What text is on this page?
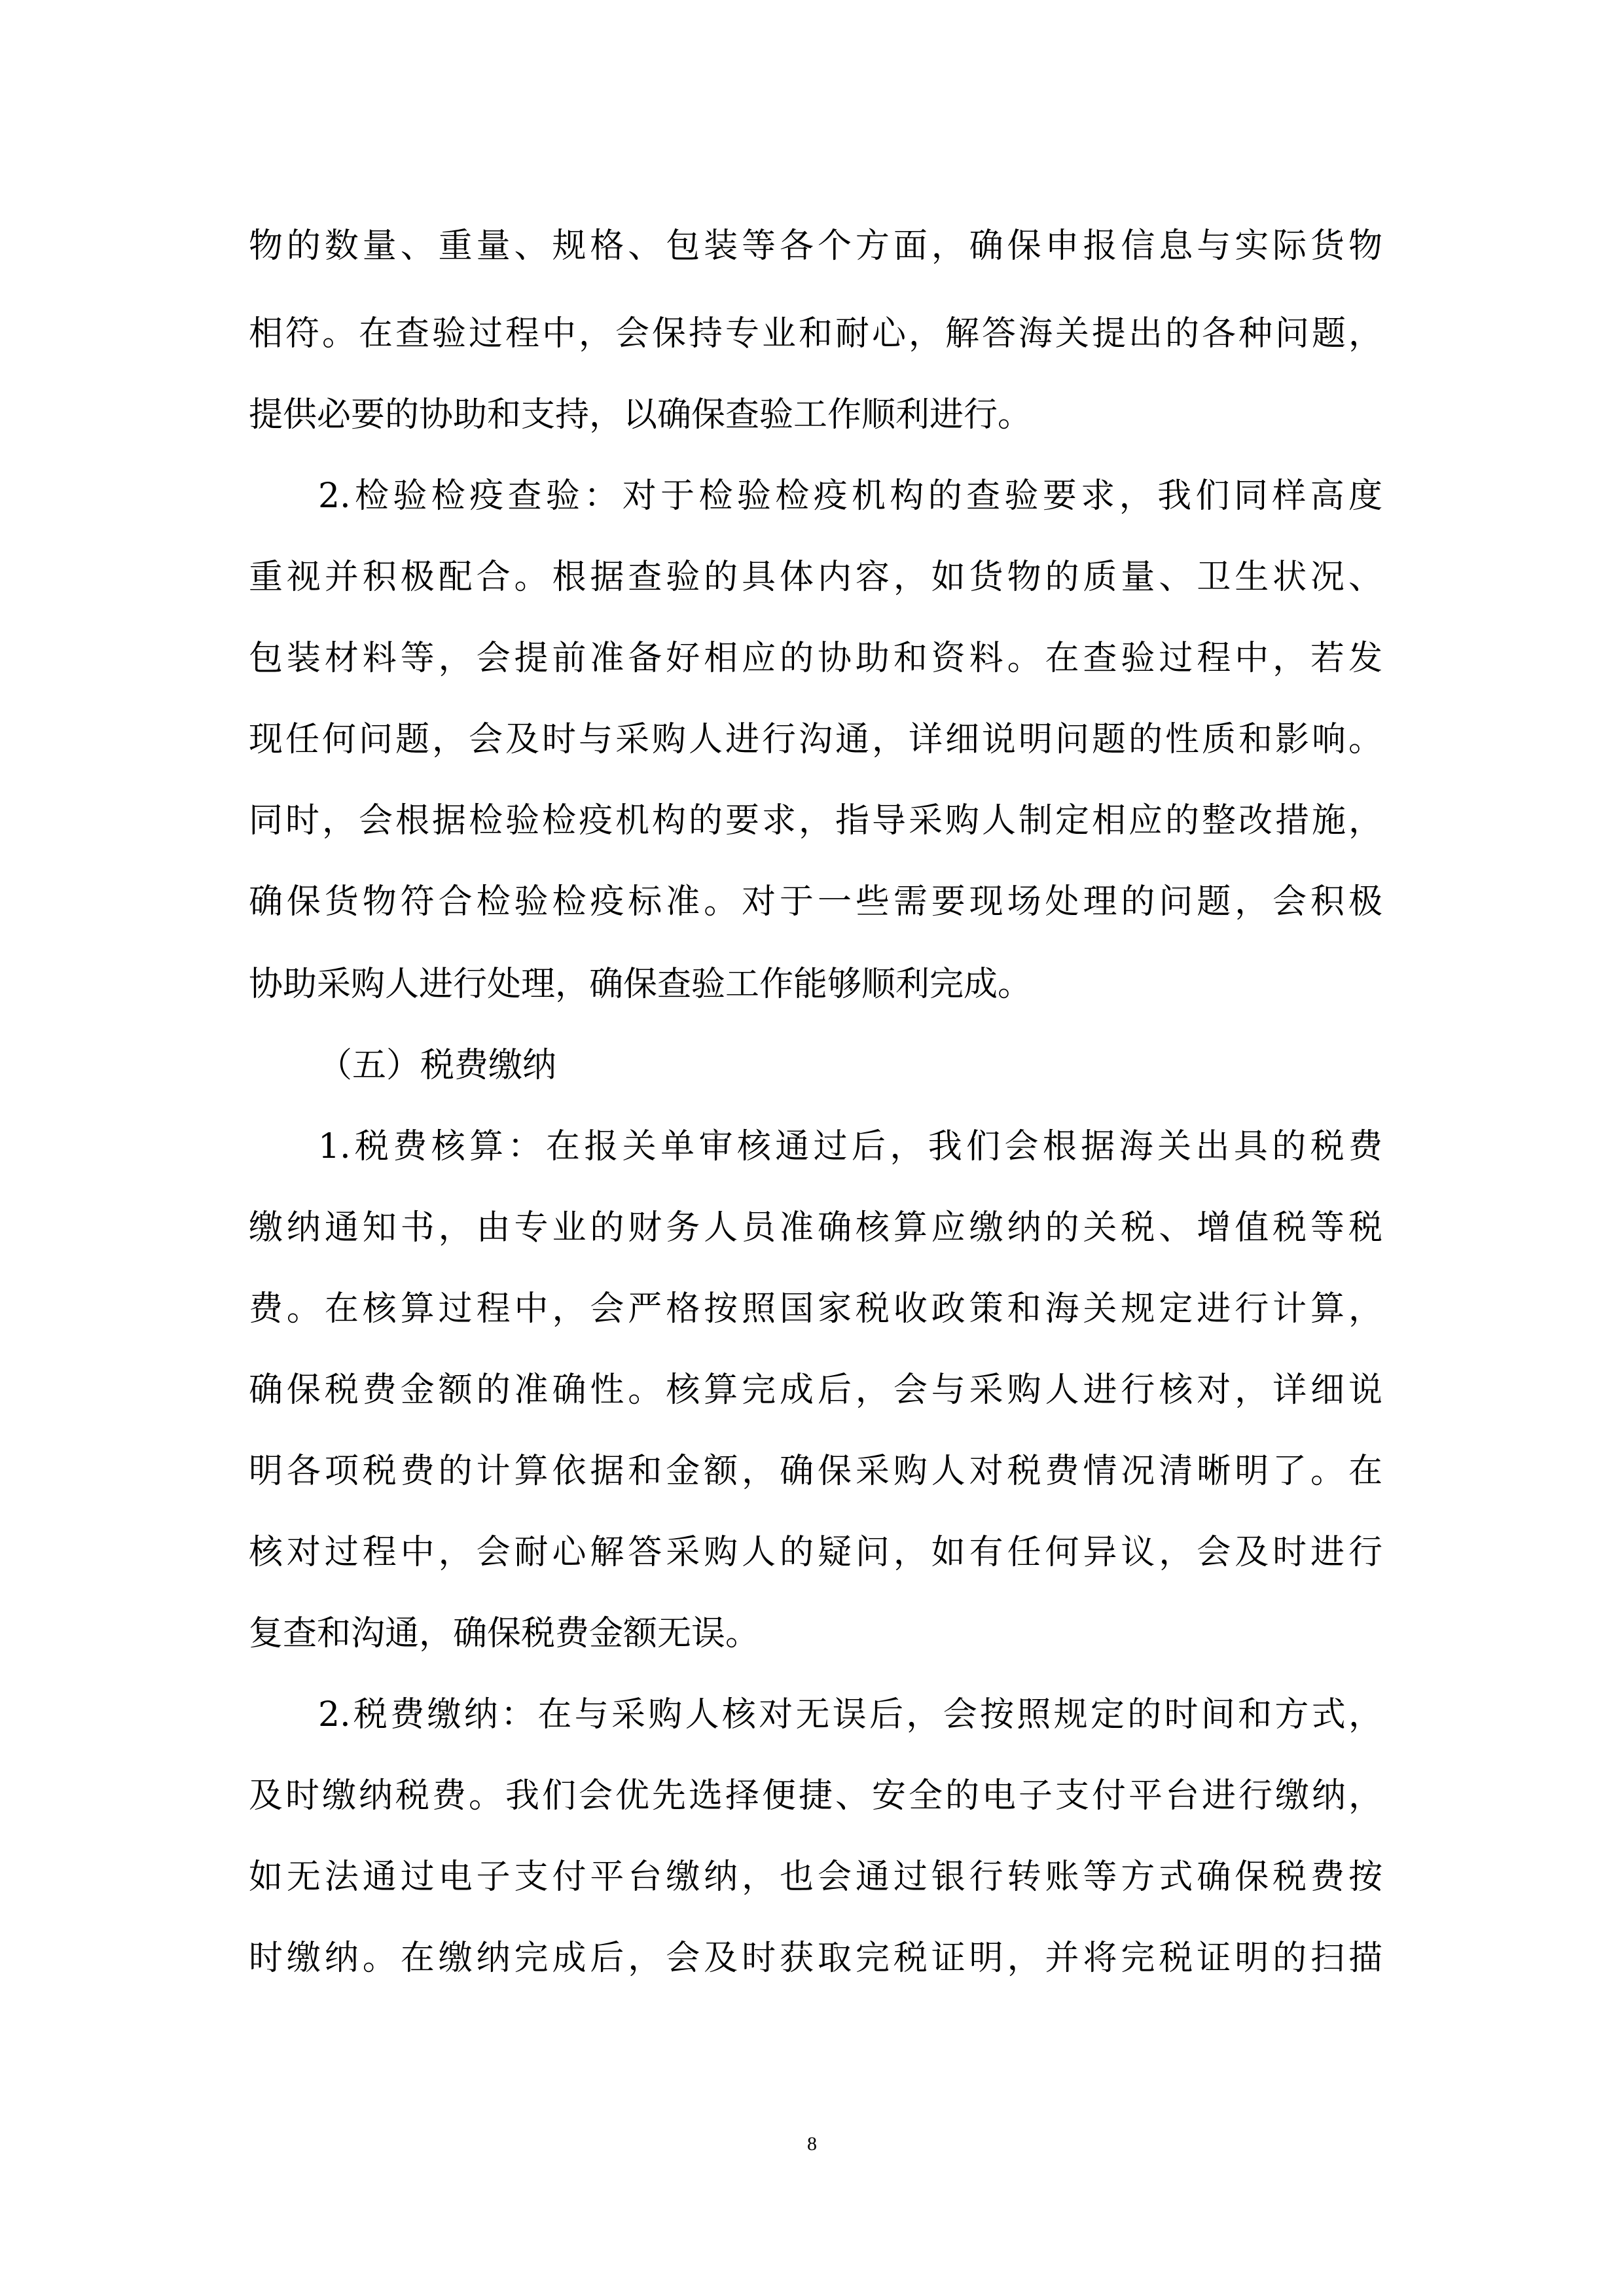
物的数量、重量、规格、包装等各个方面，确保申报信息与实际货物
相符。在查验过程中，会保持专业和耐心，解答海关提出的各种问题，
提供必要的协助和支持，以确保查验工作顺利进行。
2.检验检疫查验：对于检验检疫机构的查验要求，我们同样高度
重视并积极配合。根据查验的具体内容，如货物的质量、卫生状况、
包装材料等，会提前准备好相应的协助和资料。在查验过程中，若发
现任何问题，会及时与采购人进行沟通，详细说明问题的性质和影响。
同时，会根据检验检疫机构的要求，指导采购人制定相应的整改措施，
确保货物符合检验检疫标准。对于一些需要现场处理的问题，会积极
协助采购人进行处理，确保查验工作能够顺利完成。
（五）税费缴纳
1.税费核算：在报关单审核通过后，我们会根据海关出具的税费
缴纳通知书，由专业的财务人员准确核算应缴纳的关税、增值税等税
费。在核算过程中，会严格按照国家税收政策和海关规定进行计算，
确保税费金额的准确性。核算完成后，会与采购人进行核对，详细说
明各项税费的计算依据和金额，确保采购人对税费情况清晰明了。在
核对过程中，会耐心解答采购人的疑问，如有任何异议，会及时进行
复查和沟通，确保税费金额无误。
2.税费缴纳：在与采购人核对无误后，会按照规定的时间和方式，
及时缴纳税费。我们会优先选择便捷、安全的电子支付平台进行缴纳，
如无法通过电子支付平台缴纳，也会通过银行转账等方式确保税费按
时缴纳。在缴纳完成后，会及时获取完税证明，并将完税证明的扫描
8
